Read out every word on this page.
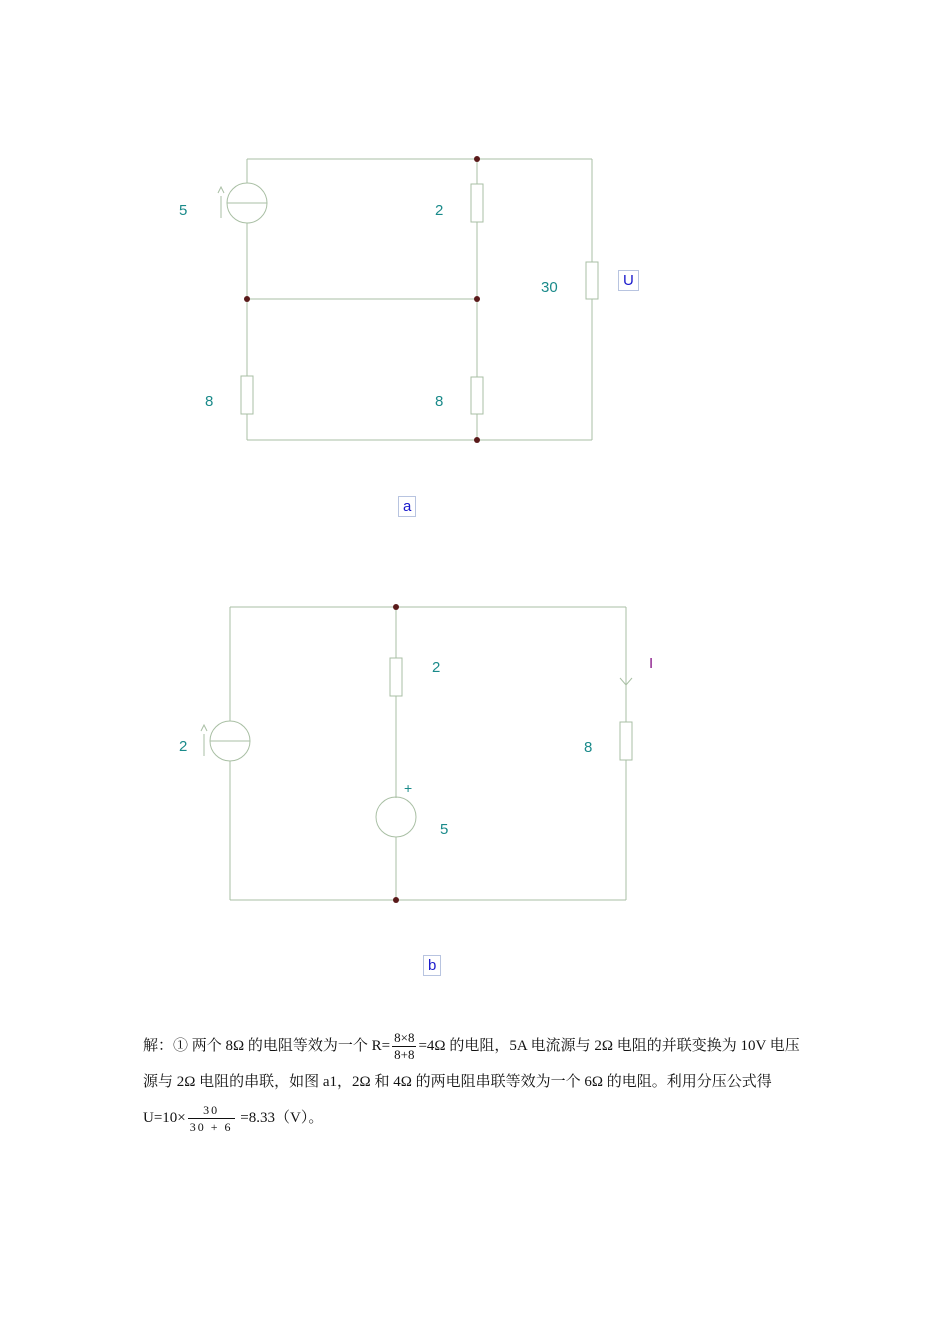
5	2
30	U
8	8
a
2	I
2	8
+
5
b
解：① 两个 8Ω 的电阻等效为一个 $R= \frac{8\times 8}{8+8} =4\Omega$ 的电阻，5A 电流源与 2Ω 电阻的并联变换为 10V 电压源与 2Ω 电阻的串联，如图 a1，2Ω 和 4Ω 的两电阻串联等效为一个 6Ω 的电阻。利用分压公式得 $U=10\times \frac{30}{30 + 6} =8.33(V)$。
